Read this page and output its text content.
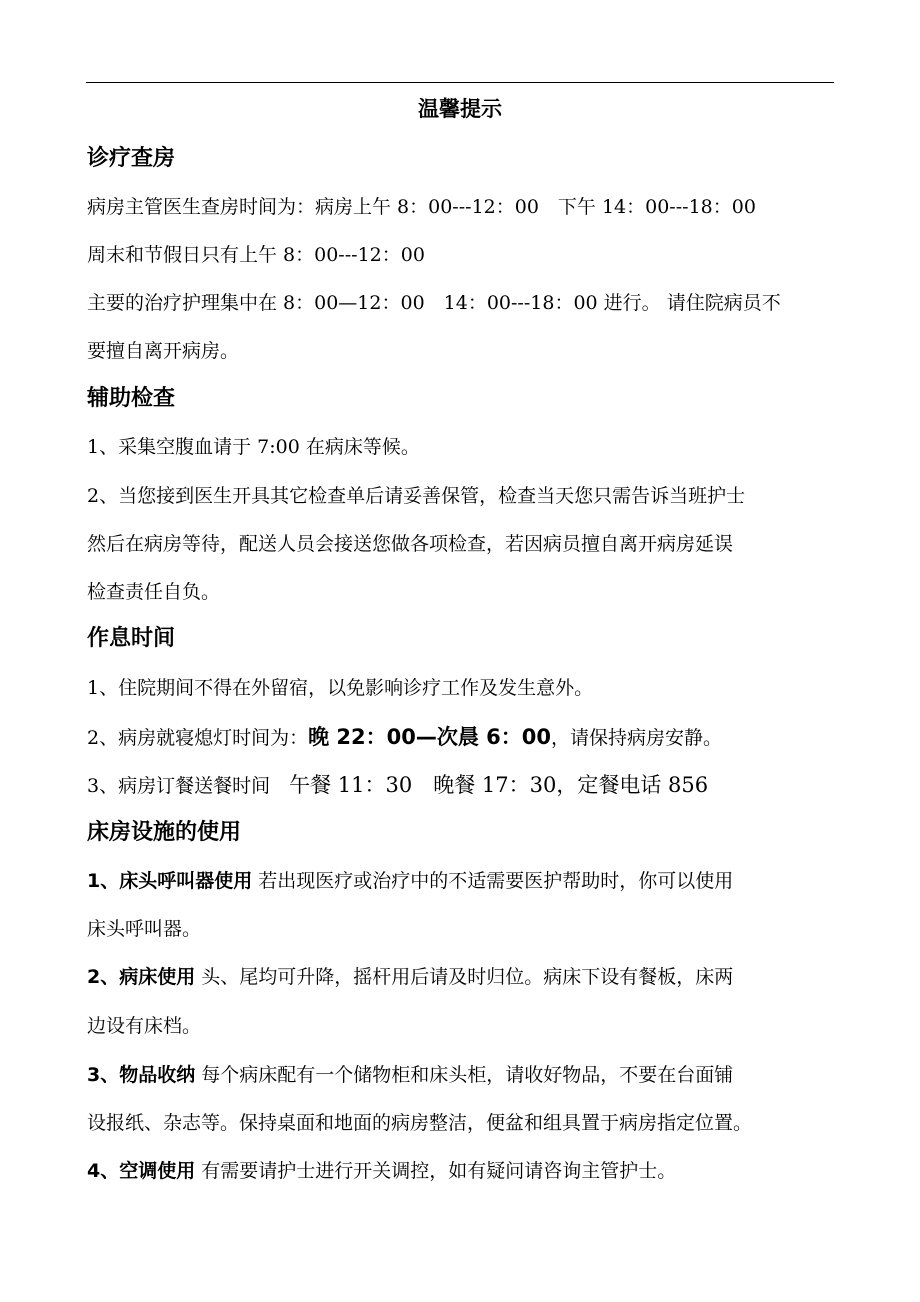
温馨提示
诊疗查房
病房主管医生查房时间为：病房上午 8：00---12：00　下午 14：00---18：00
周末和节假日只有上午 8：00---12：00
主要的治疗护理集中在 8：00—12：00　14：00---18：00 进行。 请住院病员不
要擅自离开病房。
辅助检查
1、采集空腹血请于 7:00 在病床等候。
2、当您接到医生开具其它检查单后请妥善保管，检查当天您只需告诉当班护士
然后在病房等待，配送人员会接送您做各项检查，若因病员擅自离开病房延误
检查责任自负。
作息时间
1、住院期间不得在外留宿，以免影响诊疗工作及发生意外。
2、病房就寝熄灯时间为：晚 22：00—次晨 6：00，请保持病房安静。
3、病房订餐送餐时间　午餐 11：30　晚餐 17：30，定餐电话 856
床房设施的使用
1、床头呼叫器使用 若出现医疗或治疗中的不适需要医护帮助时，你可以使用
床头呼叫器。
2、病床使用 头、尾均可升降，摇杆用后请及时归位。病床下设有餐板，床两
边设有床档。
3、物品收纳 每个病床配有一个储物柜和床头柜，请收好物品，不要在台面铺
设报纸、杂志等。保持桌面和地面的病房整洁，便盆和组具置于病房指定位置。
4、空调使用 有需要请护士进行开关调控，如有疑问请咨询主管护士。
